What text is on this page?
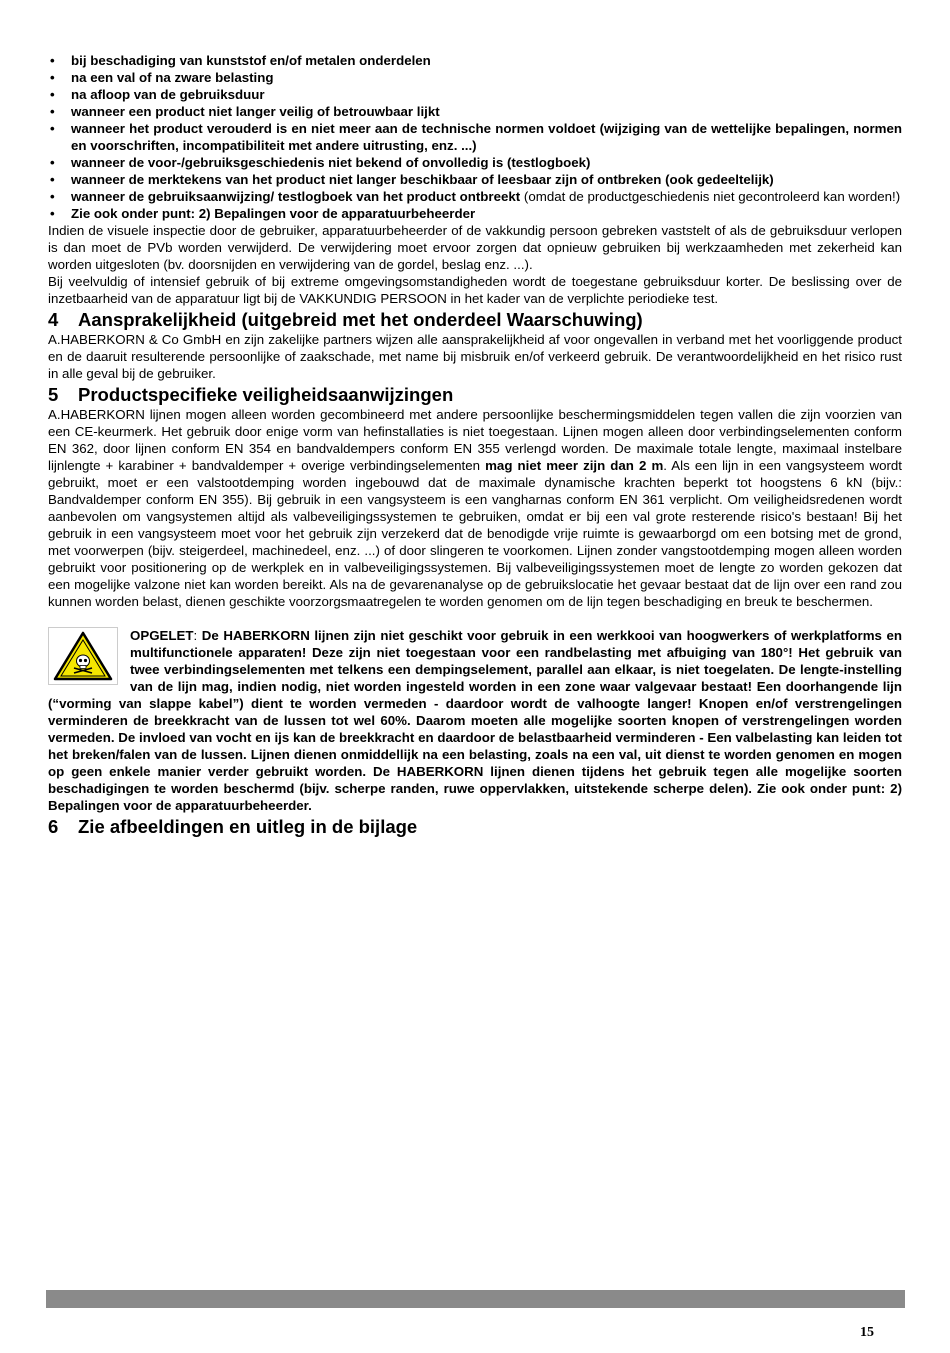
• bij beschadiging van kunststof en/of metalen onderdelen
• na een val of na zware belasting
• na afloop van de gebruiksduur
• wanneer een product niet langer veilig of betrouwbaar lijkt
• wanneer het product verouderd is en niet meer aan de technische normen voldoet (wijziging van de wettelijke bepalingen, normen en voorschriften, incompatibiliteit met andere uitrusting, enz. ...)
• wanneer de voor-/gebruiksgeschiedenis niet bekend of onvolledig is (testlogboek)
• wanneer de merktekens van het product niet langer beschikbaar of leesbaar zijn of ontbreken (ook gedeeltelijk)
• wanneer de gebruiksaanwijzing/ testlogboek van het product ontbreekt (omdat de productgeschiedenis niet gecontroleerd kan worden!)
• Zie ook onder punt: 2) Bepalingen voor de apparatuurbeheerder

Indien de visuele inspectie door de gebruiker, apparatuurbeheerder of de vakkundig persoon gebreken vaststelt of als de gebruiksduur verlopen is dan moet de PVb worden verwijderd. De verwijdering moet ervoor zorgen dat opnieuw gebruiken bij werkzaamheden met zekerheid kan worden uitgesloten (bv. doorsnijden en verwijdering van de gordel, beslag enz. ...).

Bij veelvuldig of intensief gebruik of bij extreme omgevingsomstandigheden wordt de toegestane gebruiksduur korter. De beslissing over de inzetbaarheid van de apparatuur ligt bij de VAKKUNDIG PERSOON in het kader van de verplichte periodieke test.

4 Aansprakelijkheid (uitgebreid met het onderdeel Waarschuwing)

A.HABERKORN & Co GmbH en zijn zakelijke partners wijzen alle aansprakelijkheid af voor ongevallen in verband met het voorliggende product en de daaruit resulterende persoonlijke of zaakschade, met name bij misbruik en/of verkeerd gebruik. De verantwoordelijkheid en het risico rust in alle geval bij de gebruiker.

5 Productspecifieke veiligheidsaanwijzingen

A.HABERKORN lijnen mogen alleen worden gecombineerd met andere persoonlijke beschermingsmiddelen tegen vallen die zijn voorzien van een CE-keurmerk. Het gebruik door enige vorm van hefinstallaties is niet toegestaan. Lijnen mogen alleen door verbindingselementen conform EN 362, door lijnen conform EN 354 en bandvaldempers conform EN 355 verlengd worden. De maximale totale lengte, maximaal instelbare lijnlengte + karabiner + bandvaldemper + overige verbindingselementen mag niet meer zijn dan 2 m. Als een lijn in een vangsysteem wordt gebruikt, moet er een valstootdemping worden ingebouwd dat de maximale dynamische krachten beperkt tot hoogstens 6 kN (bijv.: Bandvaldemper conform EN 355). Bij gebruik in een vangsysteem is een vangharnas conform EN 361 verplicht. Om veiligheidsredenen wordt aanbevolen om vangsystemen altijd als valbeveiligingssystemen te gebruiken, omdat er bij een val grote resterende risico's bestaan! Bij het gebruik in een vangsysteem moet voor het gebruik zijn verzekerd dat de benodigde vrije ruimte is gewaarborgd om een botsing met de grond, met voorwerpen (bijv. steigerdeel, machinedeel, enz. ...) of door slingeren te voorkomen. Lijnen zonder vangstootdemping mogen alleen worden gebruikt voor positionering op de werkplek en in valbeveiligingssystemen. Bij valbeveiligingssystemen moet de lengte zo worden gekozen dat een mogelijke valzone niet kan worden bereikt. Als na de gevarenanalyse op de gebruikslocatie het gevaar bestaat dat de lijn over een rand zou kunnen worden belast, dienen geschikte voorzorgsmaatregelen te worden genomen om de lijn tegen beschadiging en breuk te beschermen.

OPGELET: De HABERKORN lijnen zijn niet geschikt voor gebruik in een werkkooi van hoogwerkers of werkplatforms en multifunctionele apparaten! Deze zijn niet toegestaan voor een randbelasting met afbuiging van 180°! Het gebruik van twee verbindingselementen met telkens een dempingselement, parallel aan elkaar, is niet toegelaten. De lengte-instelling van de lijn mag, indien nodig, niet worden ingesteld worden in een zone waar valgevaar bestaat! Een doorhangende lijn (“vorming van slappe kabel”) dient te worden vermeden - daardoor wordt de valhoogte langer! Knopen en/of verstrengelingen verminderen de breekkracht van de lussen tot wel 60%. Daarom moeten alle mogelijke soorten knopen of verstrengelingen worden vermeden. De invloed van vocht en ijs kan de breekkracht en daardoor de belastbaarheid verminderen - Een valbelasting kan leiden tot het breken/falen van de lussen. Lijnen dienen onmiddellijk na een belasting, zoals na een val, uit dienst te worden genomen en mogen op geen enkele manier verder gebruikt worden. De HABERKORN lijnen dienen tijdens het gebruik tegen alle mogelijke soorten beschadigingen te worden beschermd (bijv. scherpe randen, ruwe oppervlakken, uitstekende scherpe delen). Zie ook onder punt: 2) Bepalingen voor de apparatuurbeheerder.

6 Zie afbeeldingen en uitleg in de bijlage
15
